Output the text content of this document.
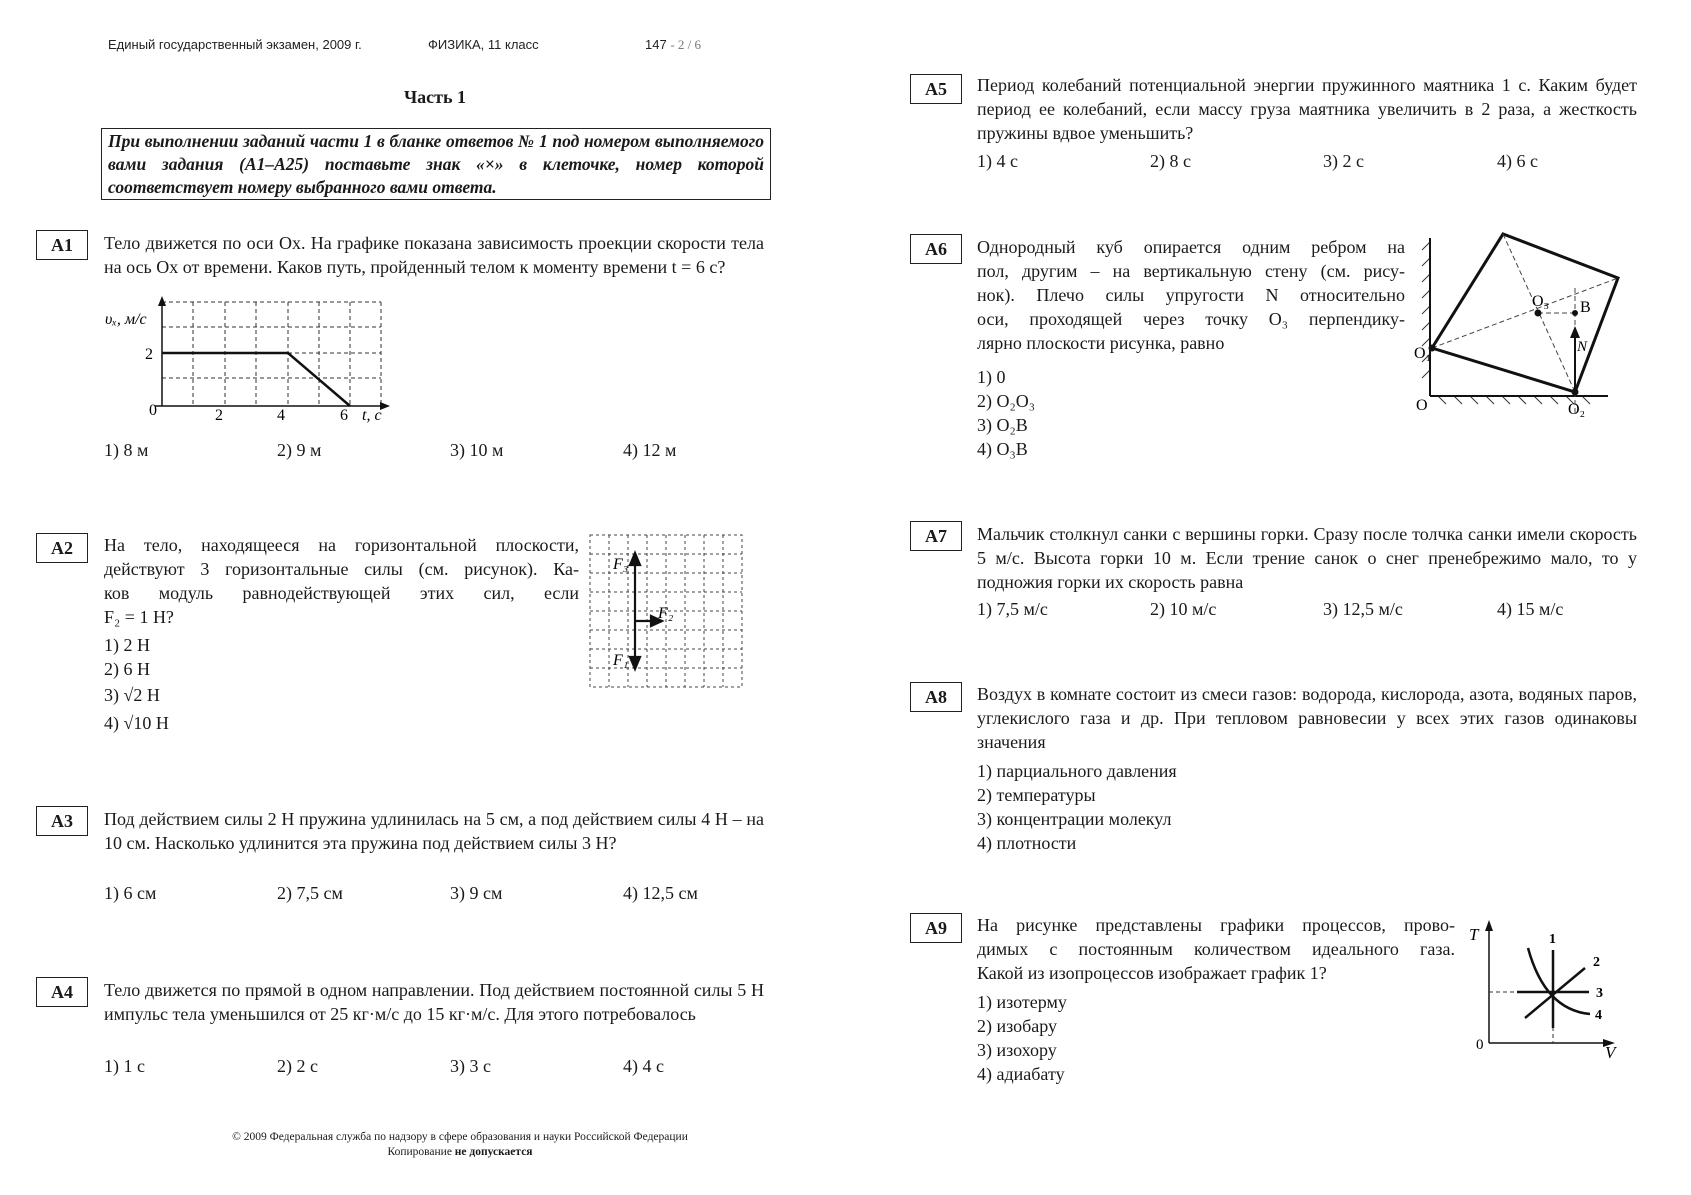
Единый государственный экзамен, 2009 г.	ФИЗИКА, 11 класс	147 - 2 / 6
Часть 1
При выполнении заданий части 1 в бланке ответов № 1 под номером выполняемого вами задания (А1–А25) поставьте знак «×» в клеточке, номер которой соответствует номеру выбранного вами ответа.
А1	Тело движется по оси Ох. На графике показана зависимость проекции скорости тела на ось Ох от времени. Каков путь, пройденный телом к моменту времени t = 6 с?
υₓ, м/с
2
0	2	4	6 t, с
1) 8 м	2) 9 м	3) 10 м	4) 12 м
А2	На тело, находящееся на горизонтальной плоскости,
действуют 3 горизонтальные силы (см. рисунок). Ка-
ков модуль равнодействующей этих сил, если
F₂ = 1 Н?
1) 2 Н
2) 6 Н
3) √2 Н
4) √10 Н
F₃
F₂
F₁
А3	Под действием силы 2 Н пружина удлинилась на 5 см, а под действием силы 4 Н – на 10 см. Насколько удлинится эта пружина под действием силы 3 Н?
1) 6 см	2) 7,5 см	3) 9 см	4) 12,5 см
А4	Тело движется по прямой в одном направлении. Под действием постоянной силы 5 Н импульс тела уменьшился от 25 кг·м/с до 15 кг·м/с. Для этого потребовалось
1) 1 с	2) 2 с	3) 3 с	4) 4 с
© 2009 Федеральная служба по надзору в сфере образования и науки Российской Федерации
Копирование не допускается
А5	Период колебаний потенциальной энергии пружинного маятника 1 с. Каким будет период ее колебаний, если массу груза маятника увеличить в 2 раза, а жесткость пружины вдвое уменьшить?
1) 4 с	2) 8 с	3) 2 с	4) 6 с
А6	Однородный куб опирается одним ребром на
пол, другим – на вертикальную стену (см. рису-
нок). Плечо силы упругости N относительно
оси, проходящей через точку О₃ перпендику-
лярно плоскости рисунка, равно
1) 0
2) О₂О₃
3) О₂В
4) О₃В
О₁
О₃ В
N
О₂
О
А7	Мальчик столкнул санки с вершины горки. Сразу после толчка санки имели скорость 5 м/с. Высота горки 10 м. Если трение санок о снег пренебрежимо мало, то у подножия горки их скорость равна
1) 7,5 м/с	2) 10 м/с	3) 12,5 м/с	4) 15 м/с
А8	Воздух в комнате состоит из смеси газов: водорода, кислорода, азота, водяных паров, углекислого газа и др. При тепловом равновесии у всех этих газов одинаковы значения
1) парциального давления
2) температуры
3) концентрации молекул
4) плотности
А9	На рисунке представлены графики процессов, прово-
димых с постоянным количеством идеального газа.
Какой из изопроцессов изображает график 1?
1) изотерму
2) изобару
3) изохору
4) адиабату
T
V
0
1
2
3
4
